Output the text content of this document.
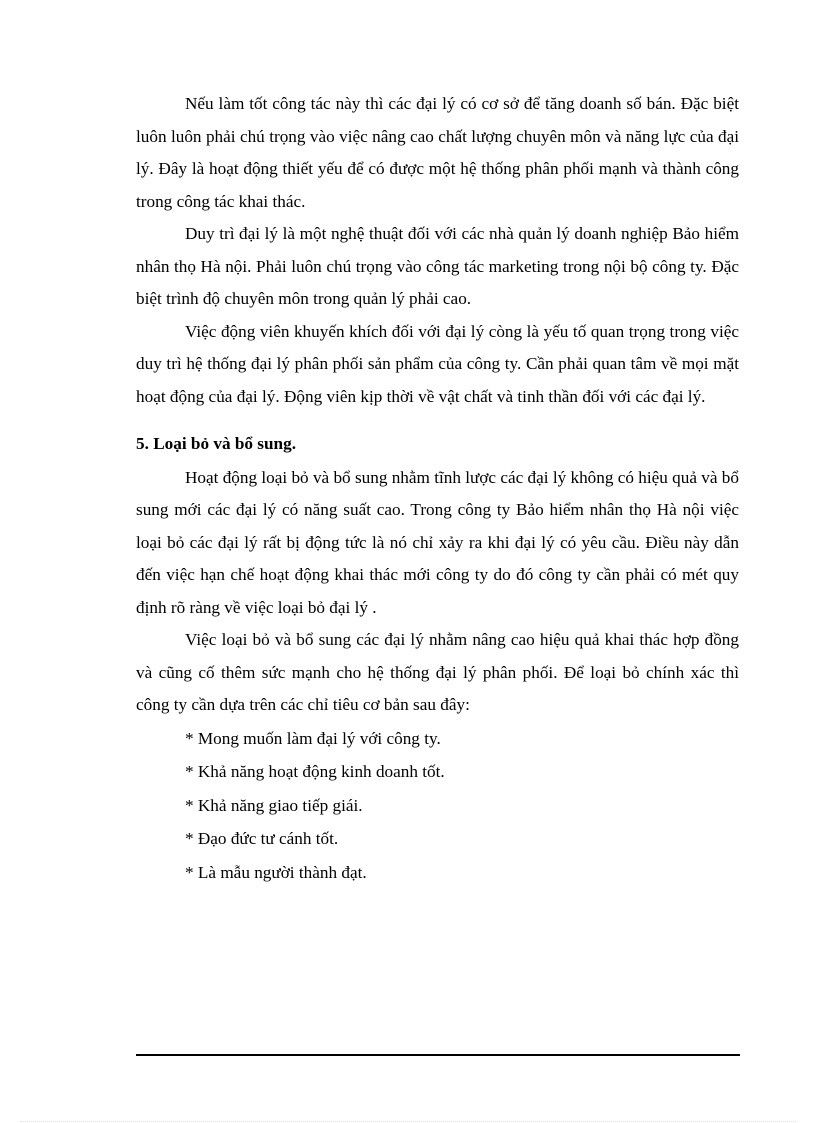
Nếu làm tốt công tác này thì các đại lý có cơ sở để tăng doanh số bán. Đặc biệt luôn luôn phải chú trọng vào việc nâng cao chất lượng chuyên môn và năng lực của đại lý. Đây là hoạt động thiết yếu để có được một hệ thống phân phối mạnh và thành công trong công tác khai thác.

Duy trì đại lý là một nghệ thuật đối với các nhà quản lý doanh nghiệp Bảo hiểm nhân thọ Hà nội. Phải luôn chú trọng vào công tác marketing trong nội bộ công ty. Đặc biệt trình độ chuyên môn trong quản lý phải cao.

Việc động viên khuyến khích đối với đại lý còng là yếu tố quan trọng trong việc duy trì hệ thống đại lý phân phối sản phẩm của công ty. Cần phải quan tâm về mọi mặt hoạt động của đại lý. Động viên kịp thời về vật chất và tinh thần đối với các đại lý.

5. Loại bỏ và bổ sung.

Hoạt động loại bỏ và bổ sung nhằm tĩnh lược các đại lý không có hiệu quả và bổ sung mới các đại lý có năng suất cao. Trong công ty Bảo hiểm nhân thọ Hà nội việc loại bỏ các đại lý rất bị động tức là nó chỉ xảy ra khi đại lý có yêu cầu. Điều này dẫn đến việc hạn chế hoạt động khai thác mới công ty do đó công ty cần phải có mét quy định rõ ràng về việc loại bỏ đại lý .

Việc loại bỏ và bổ sung các đại lý nhằm nâng cao hiệu quả khai thác hợp đồng và cũng cố thêm sức mạnh cho hệ thống đại lý phân phối. Để loại bỏ chính xác thì công ty cần dựa trên các chỉ tiêu cơ bản sau đây:

* Mong muốn làm đại lý với công ty.
* Khả năng hoạt động kinh doanh tốt.
* Khả năng giao tiếp giái.
* Đạo đức tư cánh tốt.
* Là mẫu người thành đạt.
